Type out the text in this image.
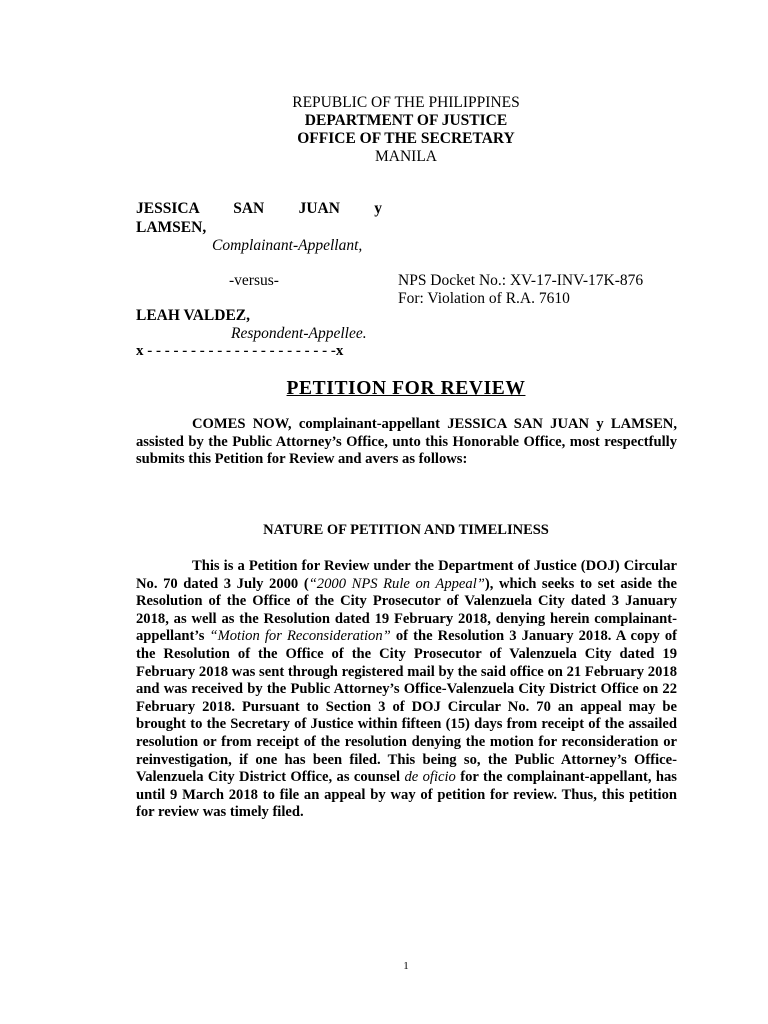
REPUBLIC OF THE PHILIPPINES
DEPARTMENT OF JUSTICE
OFFICE OF THE SECRETARY
MANILA
JESSICA SAN JUAN y
LAMSEN,
Complainant-Appellant,
-versus-	NPS Docket No.: XV-17-INV-17K-876
For: Violation of R.A. 7610
LEAH VALDEZ,
Respondent-Appellee.
x - - - - - - - - - - - - - - - - - - - - - -x
PETITION FOR REVIEW
COMES NOW, complainant-appellant JESSICA SAN JUAN y LAMSEN, assisted by the Public Attorney’s Office, unto this Honorable Office, most respectfully submits this Petition for Review and avers as follows:
NATURE OF PETITION AND TIMELINESS
This is a Petition for Review under the Department of Justice (DOJ) Circular No. 70 dated 3 July 2000 (“2000 NPS Rule on Appeal”), which seeks to set aside the Resolution of the Office of the City Prosecutor of Valenzuela City dated 3 January 2018, as well as the Resolution dated 19 February 2018, denying herein complainant-appellant’s “Motion for Reconsideration” of the Resolution 3 January 2018. A copy of the Resolution of the Office of the City Prosecutor of Valenzuela City dated 19 February 2018 was sent through registered mail by the said office on 21 February 2018 and was received by the Public Attorney’s Office-Valenzuela City District Office on 22 February 2018. Pursuant to Section 3 of DOJ Circular No. 70 an appeal may be brought to the Secretary of Justice within fifteen (15) days from receipt of the assailed resolution or from receipt of the resolution denying the motion for reconsideration or reinvestigation, if one has been filed. This being so, the Public Attorney’s Office-Valenzuela City District Office, as counsel de oficio for the complainant-appellant, has until 9 March 2018 to file an appeal by way of petition for review. Thus, this petition for review was timely filed.
1
